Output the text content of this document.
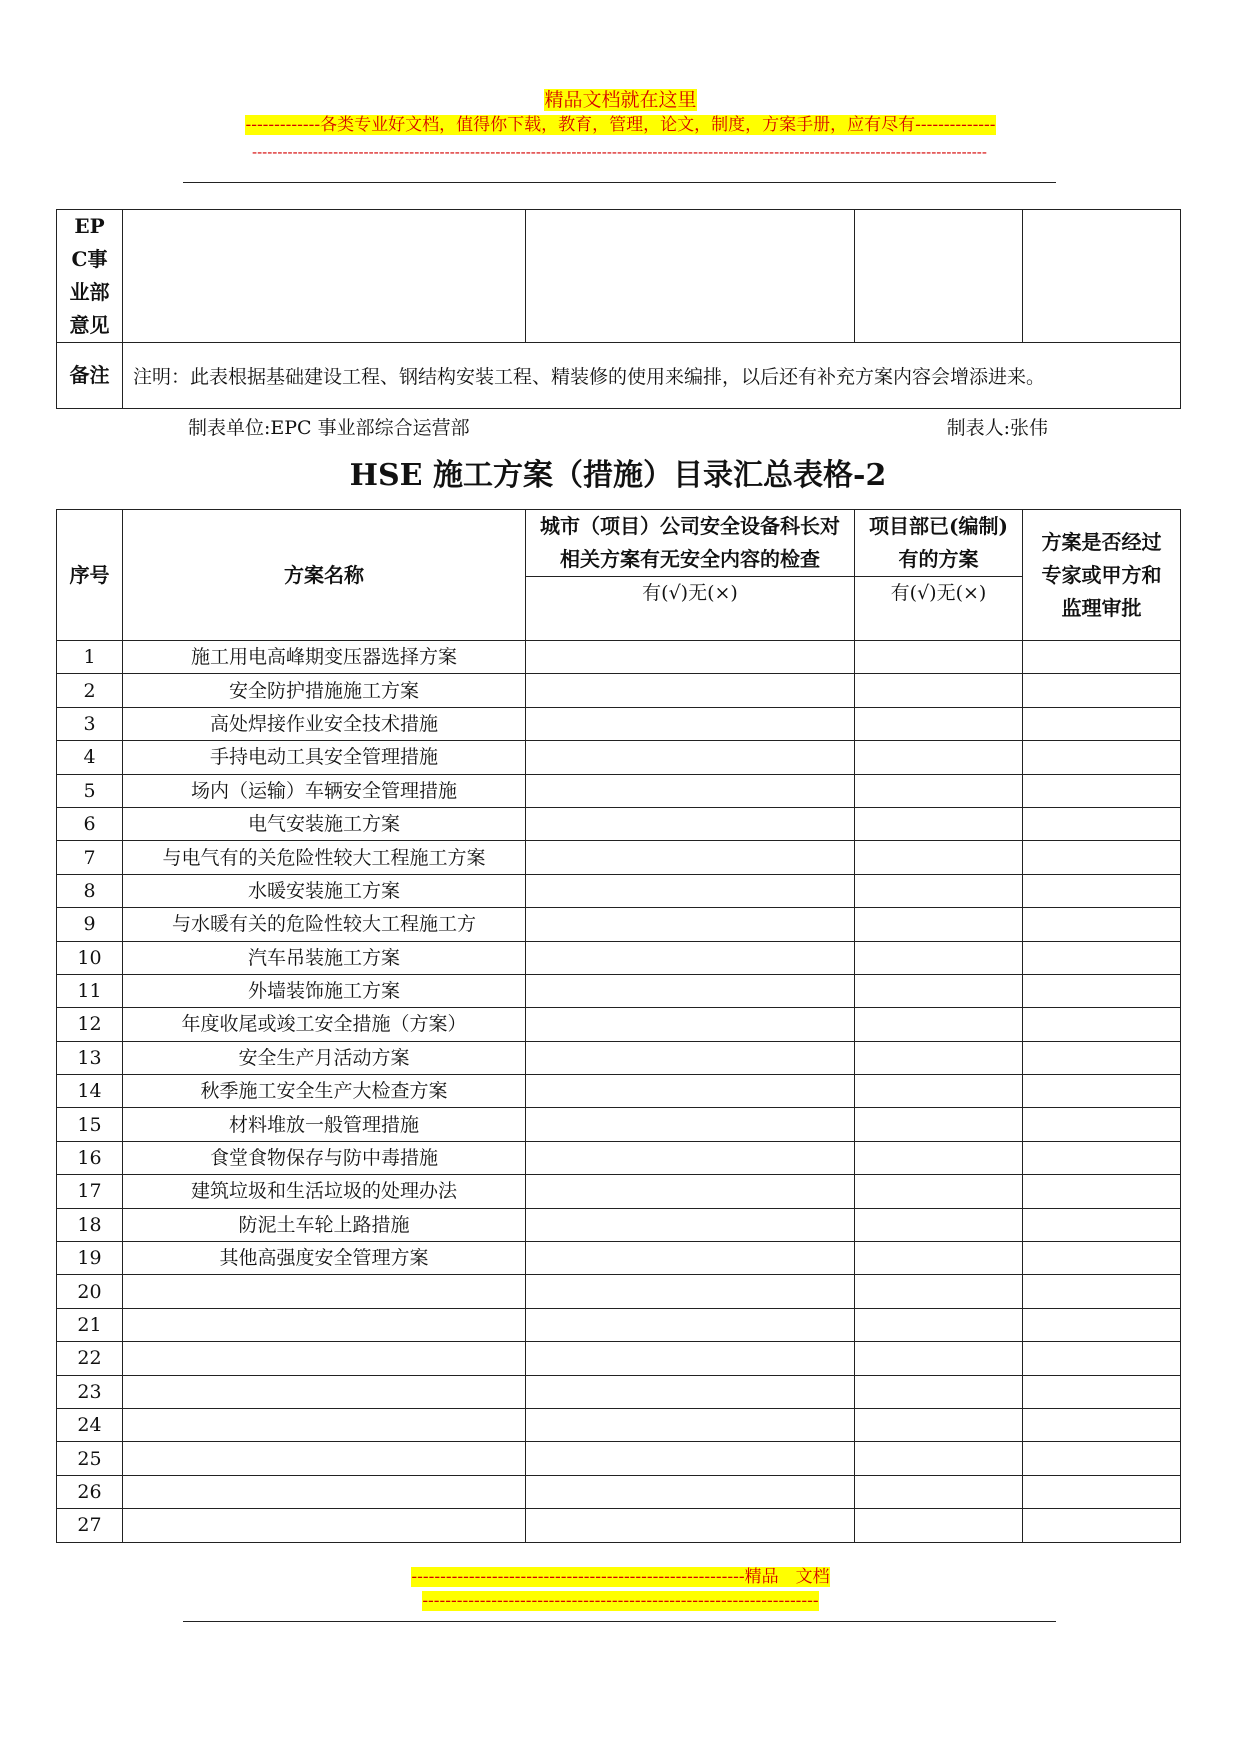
精品文档就在这里
-------------各类专业好文档，值得你下载，教育，管理，论文，制度，方案手册，应有尽有--------------
-------------------------------------------------------------------------------------------------------------------------------------------------
EPC事业部意见				

备注	注明：此表根据基础建设工程、钢结构安装工程、精装修的使用来编排，以后还有补充方案内容会增添进来。			
制表单位:EPC 事业部综合运营部	制表人:张伟
HSE 施工方案（措施）目录汇总表格-2
序号	方案名称	城市（项目）公司安全设备科长对相关方案有无安全内容的检查	项目部已(编制)有的方案	方案是否经过专家或甲方和监理审批

		有(√)无(×)	有(√)无(×)	
1	施工用电高峰期变压器选择方案			
2	安全防护措施施工方案			
3	高处焊接作业安全技术措施			
4	手持电动工具安全管理措施			
5	场内（运输）车辆安全管理措施			
6	电气安装施工方案			
7	与电气有的关危险性较大工程施工方案			
8	水暖安装施工方案			
9	与水暖有关的危险性较大工程施工方			
10	汽车吊装施工方案			
11	外墙装饰施工方案			
12	年度收尾或竣工安全措施（方案）			
13	安全生产月活动方案			
14	秋季施工安全生产大检查方案			
15	材料堆放一般管理措施			
16	食堂食物保存与防中毒措施			
17	建筑垃圾和生活垃圾的处理办法			
18	防泥土车轮上路措施			
19	其他高强度安全管理方案			
20				
21				
22				
23				
24				
25				
26				
27				
----------------------------------------------------------精品　文档
---------------------------------------------------------------------
